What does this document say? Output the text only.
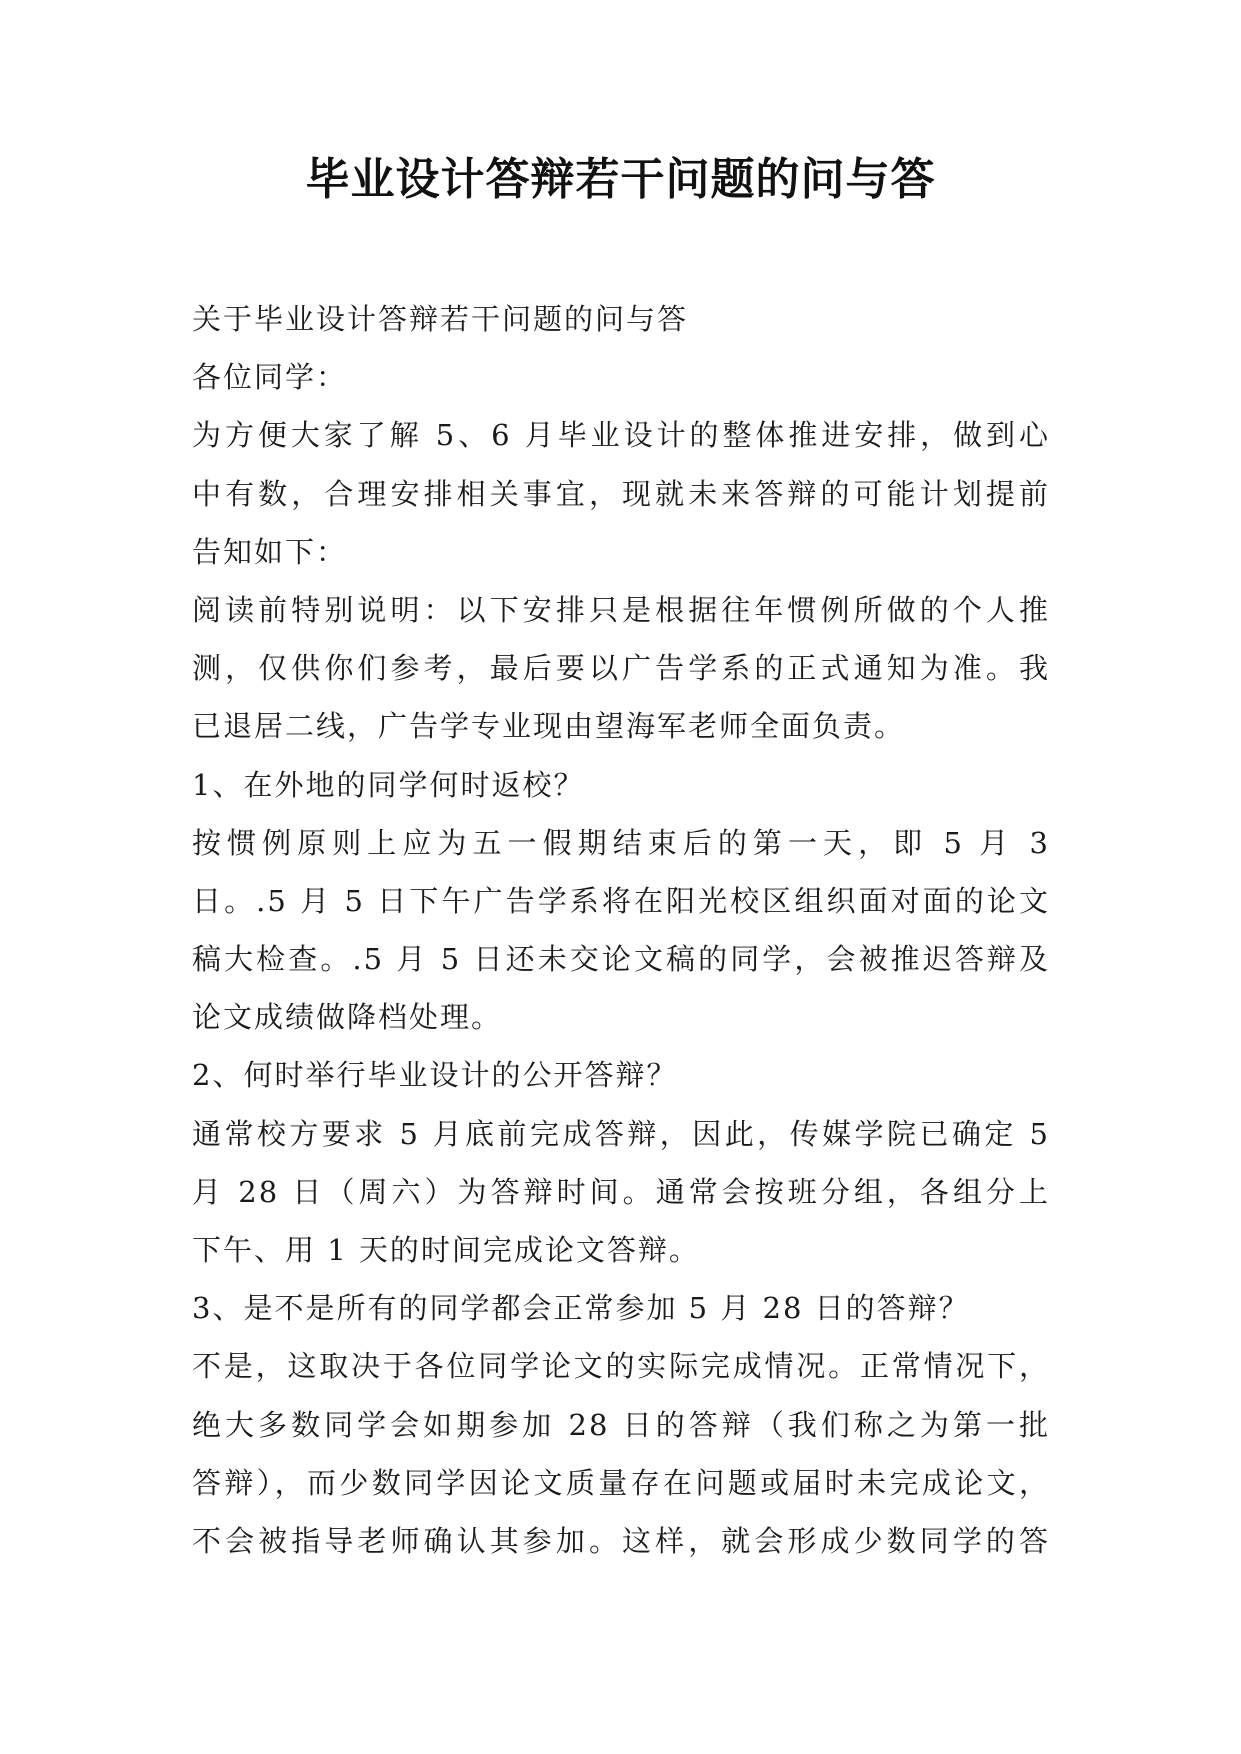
毕业设计答辩若干问题的问与答
关于毕业设计答辩若干问题的问与答
各位同学：
为方便大家了解 5、6 月毕业设计的整体推进安排，做到心
中有数，合理安排相关事宜，现就未来答辩的可能计划提前
告知如下：
阅读前特别说明：以下安排只是根据往年惯例所做的个人推
测，仅供你们参考，最后要以广告学系的正式通知为准。我
已退居二线，广告学专业现由望海军老师全面负责。
1、在外地的同学何时返校？
按惯例原则上应为五一假期结束后的第一天，即 5 月 3
日。.5 月 5 日下午广告学系将在阳光校区组织面对面的论文
稿大检查。.5 月 5 日还未交论文稿的同学，会被推迟答辩及
论文成绩做降档处理。
2、何时举行毕业设计的公开答辩？
通常校方要求 5 月底前完成答辩，因此，传媒学院已确定 5
月 28 日（周六）为答辩时间。通常会按班分组，各组分上
下午、用 1 天的时间完成论文答辩。
3、是不是所有的同学都会正常参加 5 月 28 日的答辩？
不是，这取决于各位同学论文的实际完成情况。正常情况下，
绝大多数同学会如期参加 28 日的答辩（我们称之为第一批
答辩），而少数同学因论文质量存在问题或届时未完成论文，
不会被指导老师确认其参加。这样，就会形成少数同学的答
